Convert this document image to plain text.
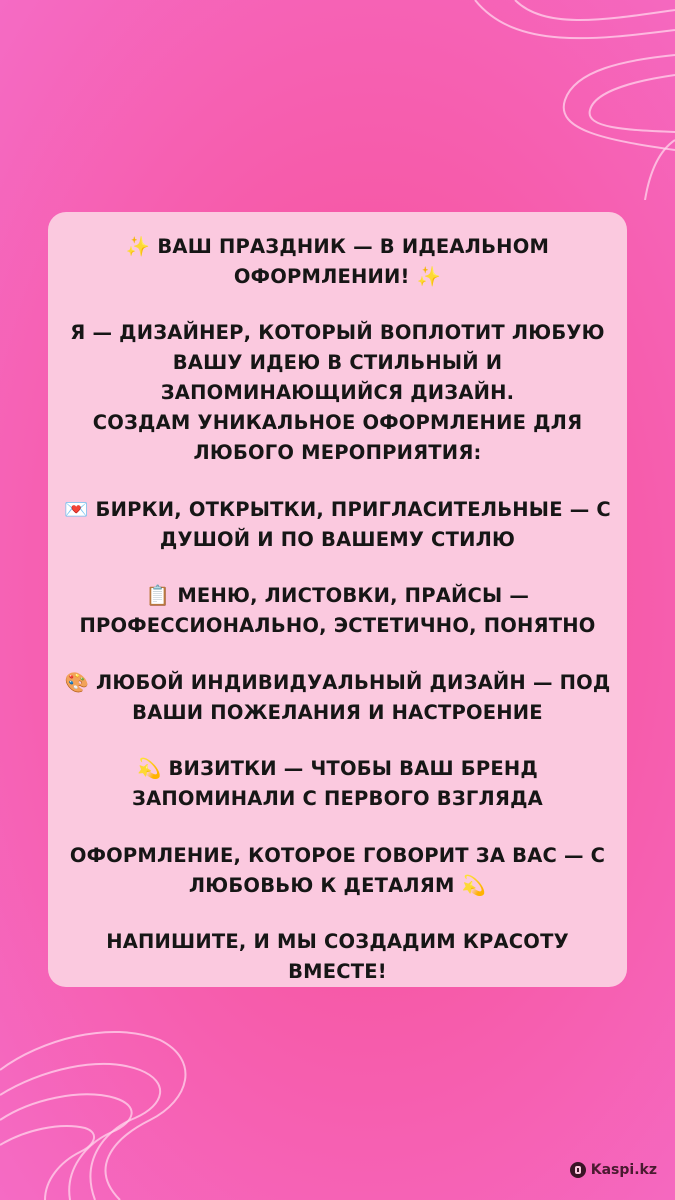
✨ ВАШ ПРАЗДНИК — В ИДЕАЛЬНОМ
ОФОРМЛЕНИИ! ✨

Я — ДИЗАЙНЕР, КОТОРЫЙ ВОПЛОТИТ ЛЮБУЮ
ВАШУ ИДЕЮ В СТИЛЬНЫЙ И
ЗАПОМИНАЮЩИЙСЯ ДИЗАЙН.
СОЗДАМ УНИКАЛЬНОЕ ОФОРМЛЕНИЕ ДЛЯ
ЛЮБОГО МЕРОПРИЯТИЯ:

💌 БИРКИ, ОТКРЫТКИ, ПРИГЛАСИТЕЛЬНЫЕ — С
ДУШОЙ И ПО ВАШЕМУ СТИЛЮ

📋 МЕНЮ, ЛИСТОВКИ, ПРАЙСЫ —
ПРОФЕССИОНАЛЬНО, ЭСТЕТИЧНО, ПОНЯТНО

🎨 ЛЮБОЙ ИНДИВИДУАЛЬНЫЙ ДИЗАЙН — ПОД
ВАШИ ПОЖЕЛАНИЯ И НАСТРОЕНИЕ

💫 ВИЗИТКИ — ЧТОБЫ ВАШ БРЕНД
ЗАПОМИНАЛИ С ПЕРВОГО ВЗГЛЯДА

ОФОРМЛЕНИЕ, КОТОРОЕ ГОВОРИТ ЗА ВАС — С
ЛЮБОВЬЮ К ДЕТАЛЯМ 💫

НАПИШИТЕ, И МЫ СОЗДАДИМ КРАСОТУ ВМЕСТЕ!

Kaspi.kz
